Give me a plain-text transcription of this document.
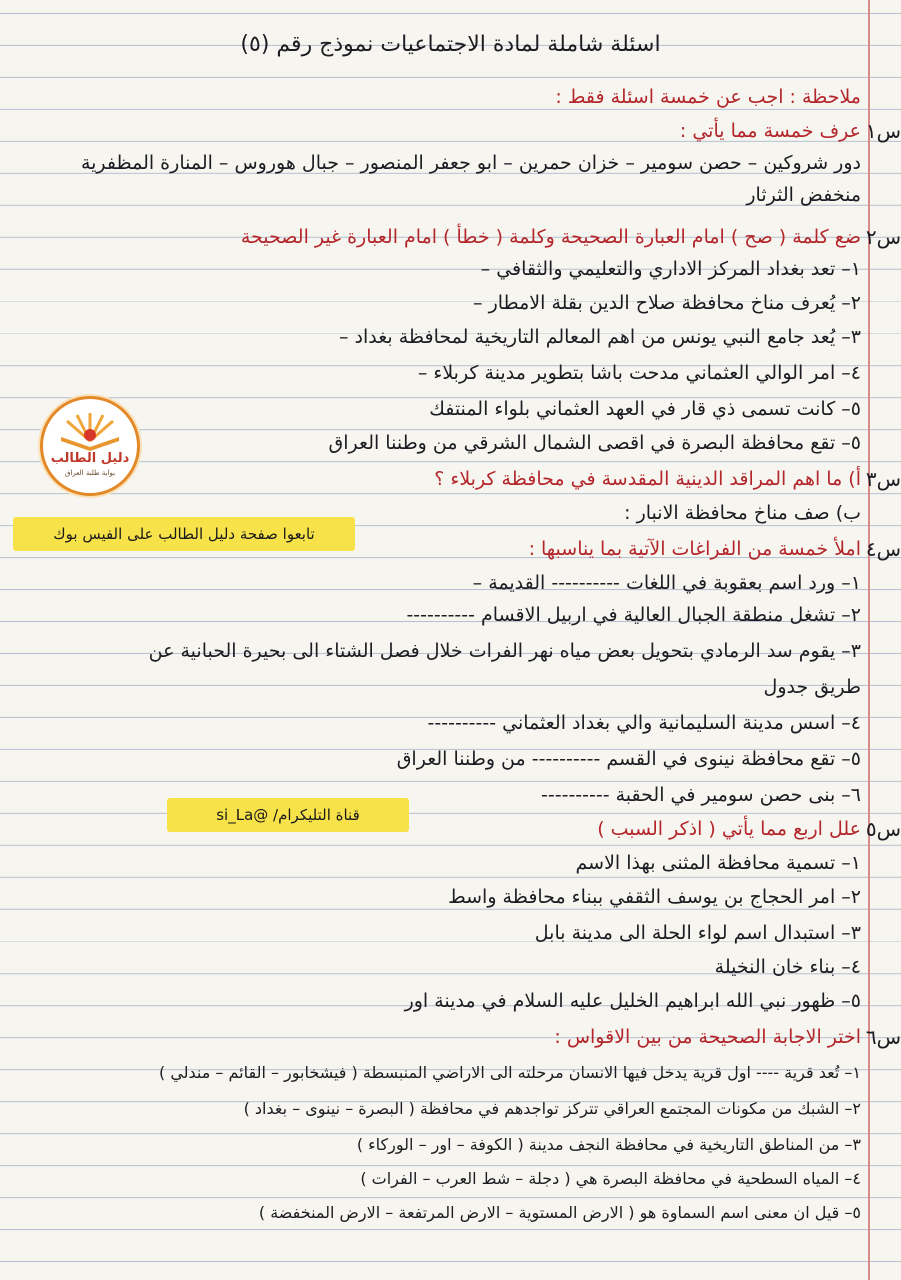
اسئلة شاملة لمادة الاجتماعيات نموذج رقم (٥)
ملاحظة : اجب عن خمسة اسئلة فقط :
س١
عرف خمسة مما يأتي :
دور شروكين – حصن سومير – خزان حمرين – ابو جعفر المنصور – جبال هوروس – المنارة المظفرية
منخفض الثرثار
س٢
ضع كلمة ( صح ) امام العبارة الصحيحة وكلمة ( خطأ ) امام العبارة غير الصحيحة
١– تعد بغداد المركز الاداري والتعليمي والثقافي –
٢– يُعرف مناخ محافظة صلاح الدين بقلة الامطار –
٣– يُعد جامع النبي يونس من اهم المعالم التاريخية لمحافظة بغداد –
٤– امر الوالي العثماني مدحت باشا بتطوير مدينة كربلاء –
٥– كانت تسمى ذي قار في العهد العثماني بلواء المنتفك
٥– تقع محافظة البصرة في اقصى الشمال الشرقي من وطننا العراق
س٣
أ) ما اهم المراقد الدينية المقدسة في محافظة كربلاء ؟
ب) صف مناخ محافظة الانبار :
س٤
املأ خمسة من الفراغات الآتية بما يناسبها :
١– ورد اسم بعقوبة في اللغات ---------- القديمة –
٢– تشغل منطقة الجبال العالية في اربيل الاقسام ----------
٣– يقوم سد الرمادي بتحويل بعض مياه نهر الفرات خلال فصل الشتاء الى بحيرة الحبانية عن
طريق جدول
٤– اسس مدينة السليمانية والي بغداد العثماني ----------
٥– تقع محافظة نينوى في القسم ---------- من وطننا العراق
٦– بنى حصن سومير في الحقبة ----------
س٥
علل اربع مما يأتي ( اذكر السبب )
١– تسمية محافظة المثنى بهذا الاسم
٢– امر الحجاج بن يوسف الثقفي ببناء محافظة واسط
٣– استبدال اسم لواء الحلة الى مدينة بابل
٤– بناء خان النخيلة
٥– ظهور نبي الله ابراهيم الخليل عليه السلام في مدينة اور
س٦
اختر الاجابة الصحيحة من بين الاقواس :
١– تُعد قرية ---- اول قرية يدخل فيها الانسان مرحلته الى الاراضي المنبسطة ( فيشخابور – القائم – مندلي )
٢– الشبك من مكونات المجتمع العراقي تتركز تواجدهم في محافظة ( البصرة – نينوى – بغداد )
٣– من المناطق التاريخية في محافظة النجف مدينة ( الكوفة – اور – الوركاء )
٤– المياه السطحية في محافظة البصرة هي ( دجلة – شط العرب – الفرات )
٥– قيل ان معنى اسم السماوة هو ( الارض المستوية – الارض المرتفعة – الارض المنخفضة )
دليل الطالب
بوابة طلبة العراق
تابعوا صفحة دليل الطالب على الفيس بوك
قناة التليكرام/ @si_La
